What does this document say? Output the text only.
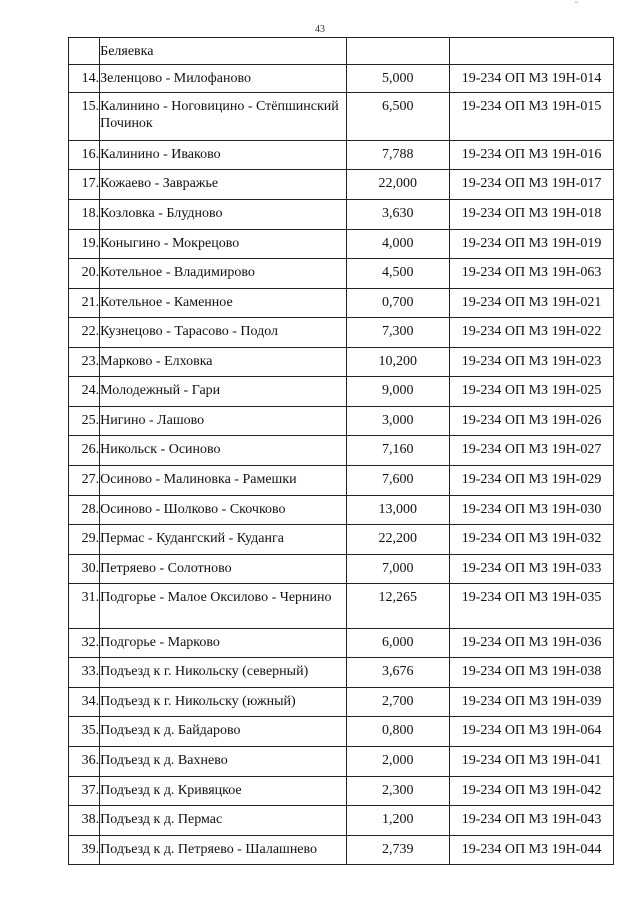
43
''

	Беляевка		

14.	Зеленцово - Милофаново	5,000	19-234 ОП МЗ 19Н-014

15.	Калинино - Ноговицино - Стёпшинский Починок	6,500	19-234 ОП МЗ 19Н-015

16.	Калинино - Иваково	7,788	19-234 ОП МЗ 19Н-016

17.	Кожаево - Завражье	22,000	19-234 ОП МЗ 19Н-017

18.	Козловка - Блудново	3,630	19-234 ОП МЗ 19Н-018

19.	Коныгино - Мокрецово	4,000	19-234 ОП МЗ 19Н-019

20.	Котельное - Владимирово	4,500	19-234 ОП МЗ 19Н-063

21.	Котельное - Каменное	0,700	19-234 ОП МЗ 19Н-021

22.	Кузнецово - Тарасово - Подол	7,300	19-234 ОП МЗ 19Н-022

23.	Марково - Елховка	10,200	19-234 ОП МЗ 19Н-023

24.	Молодежный - Гари	9,000	19-234 ОП МЗ 19Н-025

25.	Нигино - Лашово	3,000	19-234 ОП МЗ 19Н-026

26.	Никольск - Осиново	7,160	19-234 ОП МЗ 19Н-027

27.	Осиново - Малиновка - Рамешки	7,600	19-234 ОП МЗ 19Н-029

28.	Осиново - Шолково - Скочково	13,000	19-234 ОП МЗ 19Н-030

29.	Пермас - Кудангский - Куданга	22,200	19-234 ОП МЗ 19Н-032

30.	Петряево - Солотново	7,000	19-234 ОП МЗ 19Н-033

31.	Подгорье - Малое Оксилово - Чернино	12,265	19-234 ОП МЗ 19Н-035

32.	Подгорье - Марково	6,000	19-234 ОП МЗ 19Н-036

33.	Подъезд к г. Никольску (северный)	3,676	19-234 ОП МЗ 19Н-038

34.	Подъезд к г. Никольску (южный)	2,700	19-234 ОП МЗ 19Н-039

35.	Подъезд к д. Байдарово	0,800	19-234 ОП МЗ 19Н-064

36.	Подъезд к д. Вахнево	2,000	19-234 ОП МЗ 19Н-041

37.	Подъезд к д. Кривяцкое	2,300	19-234 ОП МЗ 19Н-042

38.	Подъезд к д. Пермас	1,200	19-234 ОП МЗ 19Н-043

39.	Подъезд к д. Петряево - Шалашнево	2,739	19-234 ОП МЗ 19Н-044
